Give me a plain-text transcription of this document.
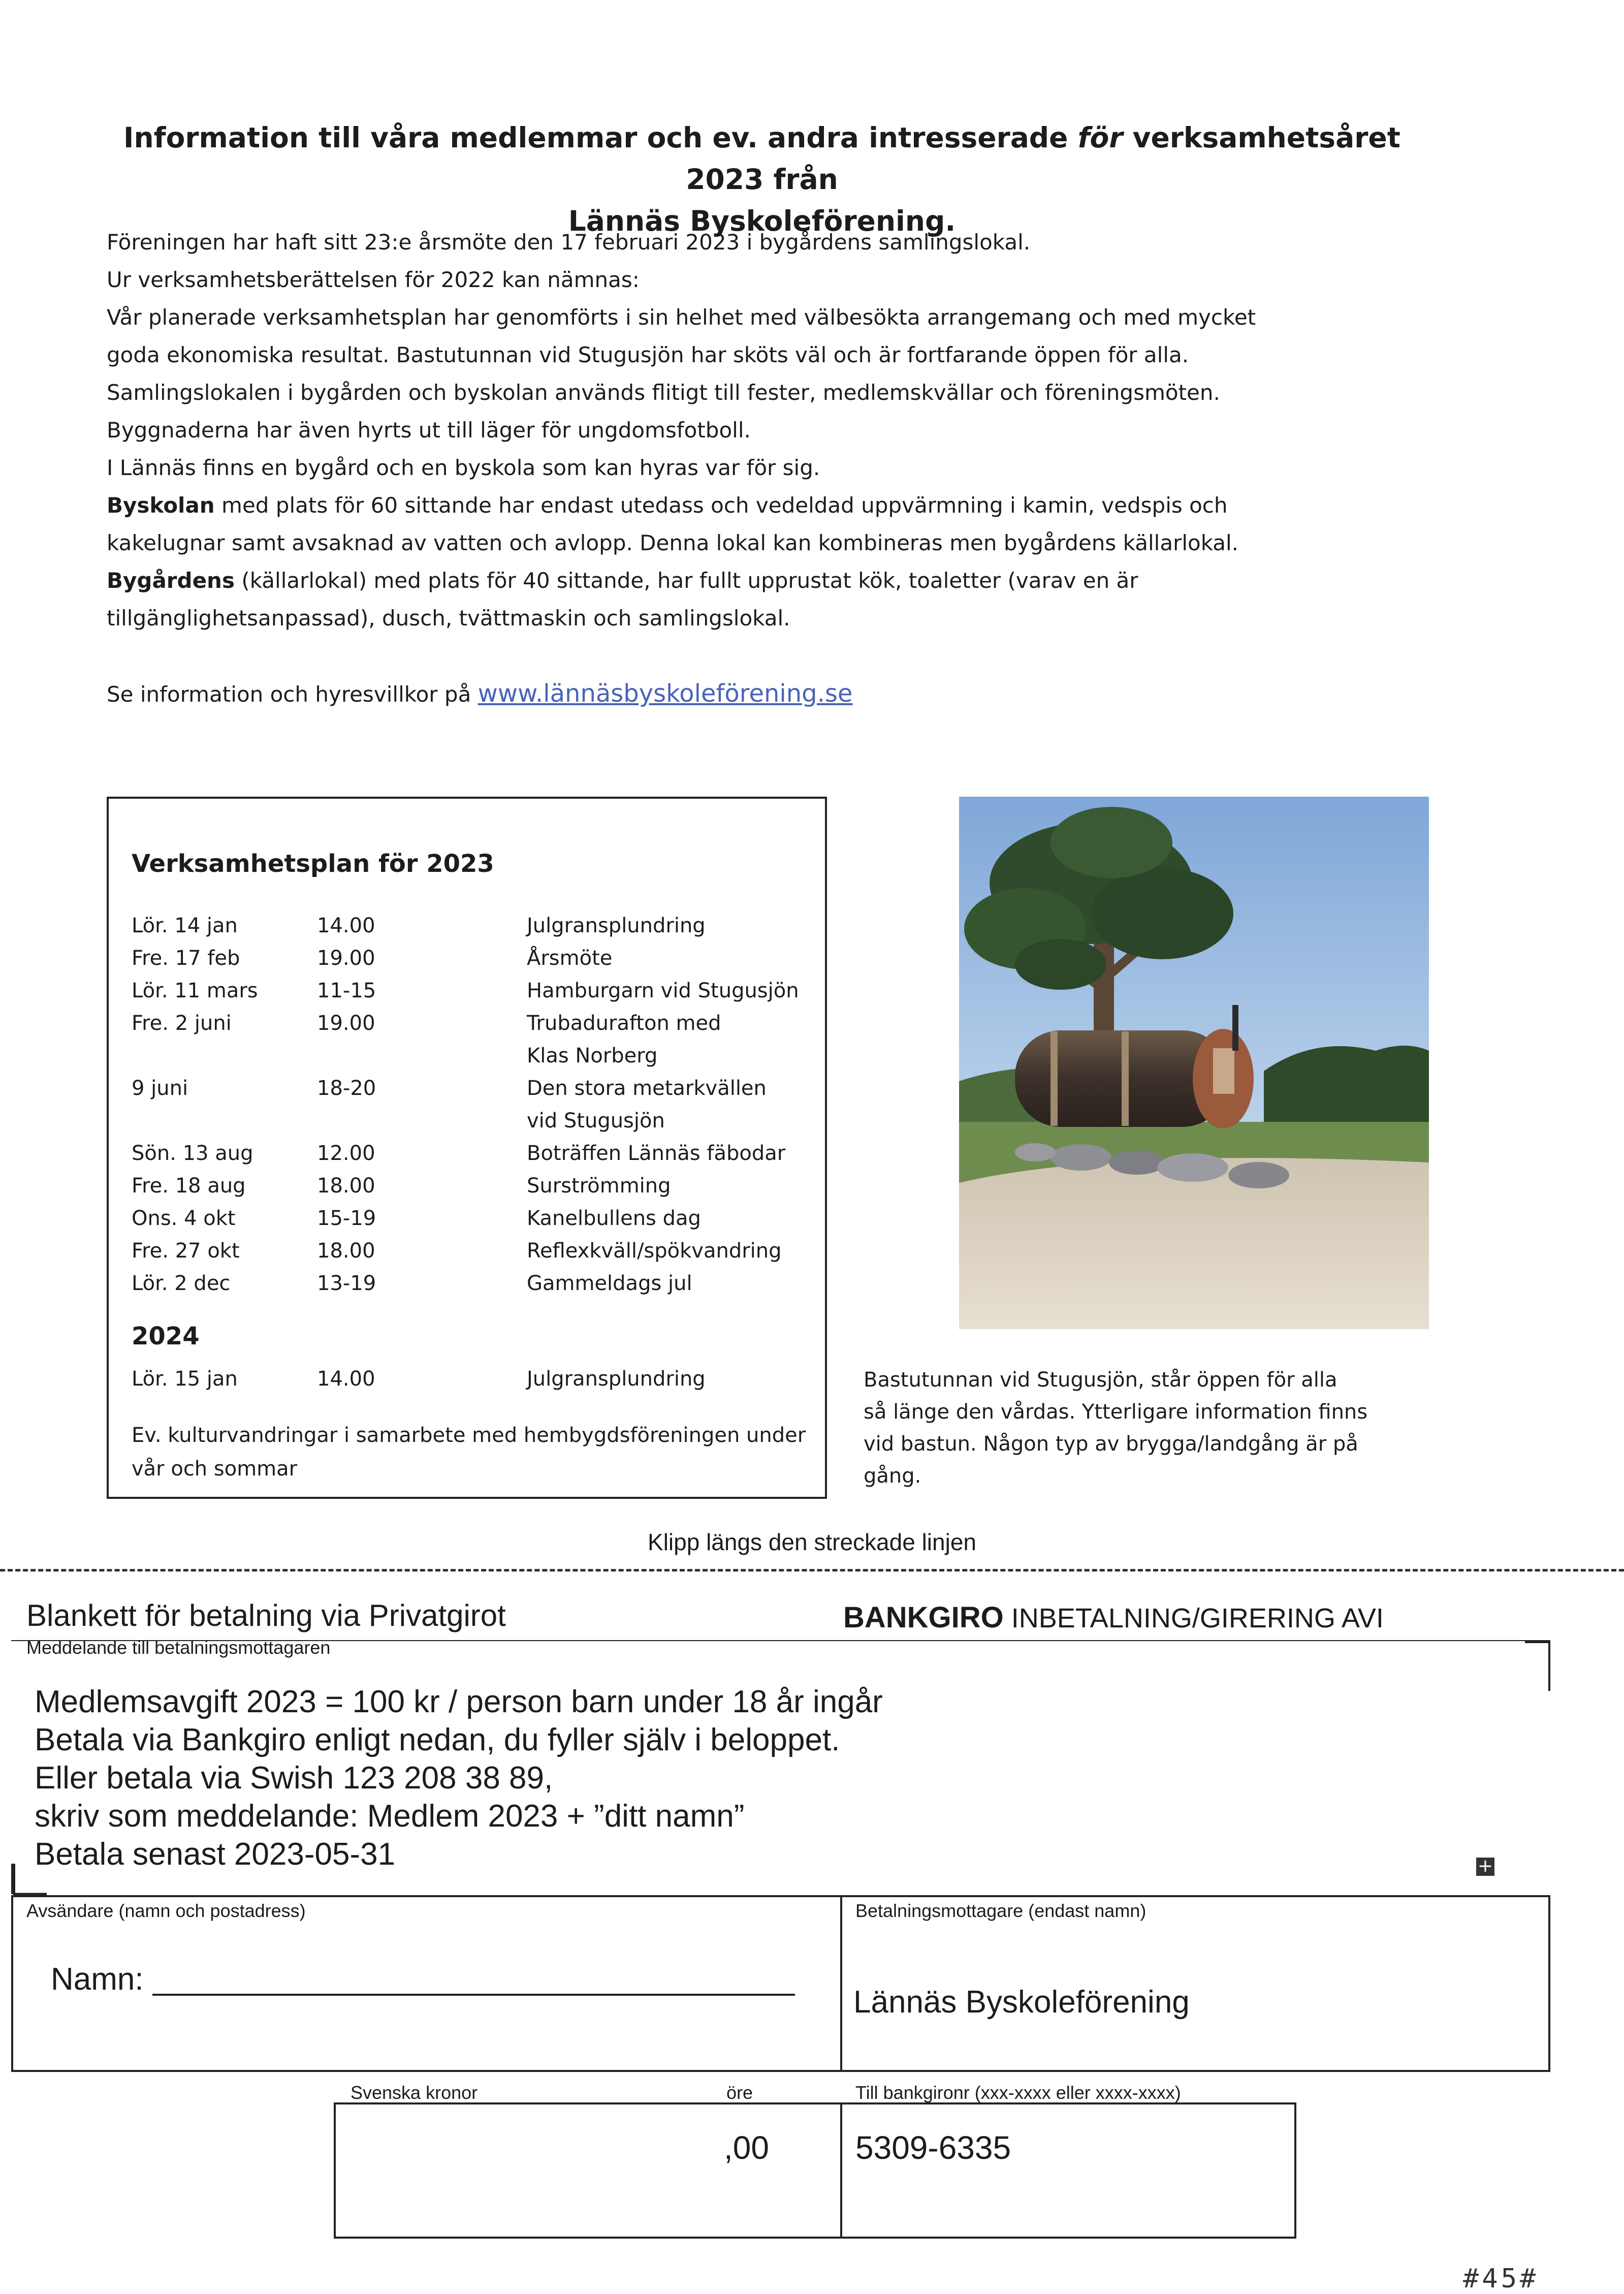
Information till våra medlemmar och ev. andra intresserade för verksamhetsåret 2023 från
Lännäs Byskoleförening.

Föreningen har haft sitt 23:e årsmöte den 17 februari 2023 i bygårdens samlingslokal.

Ur verksamhetsberättelsen för 2022 kan nämnas:

Vår planerade verksamhetsplan har genomförts i sin helhet med välbesökta arrangemang och med mycket

goda ekonomiska resultat. Bastutunnan vid Stugusjön har sköts väl och är fortfarande öppen för alla.

Samlingslokalen i bygården och byskolan används flitigt till fester, medlemskvällar och föreningsmöten.

Byggnaderna har även hyrts ut till läger för ungdomsfotboll.

I Lännäs finns en bygård och en byskola som kan hyras var för sig.

Byskolan med plats för 60 sittande har endast utedass och vedeldad uppvärmning i kamin, vedspis och

kakelugnar samt avsaknad av vatten och avlopp. Denna lokal kan kombineras men bygårdens källarlokal.

Bygårdens (källarlokal) med plats för 40 sittande, har fullt upprustat kök, toaletter (varav en är

tillgänglighetsanpassad), dusch, tvättmaskin och samlingslokal.

Se information och hyresvillkor på www.lännäsbyskoleförening.se

Verksamhetsplan för 2023
Lör. 14 jan	14.00	Julgransplundring
Fre. 17 feb	19.00	Årsmöte
Lör. 11 mars	11-15	Hamburgarn vid Stugusjön
Fre. 2 juni	19.00	Trubadurafton med
Klas Norberg
9 juni	18-20	Den stora metarkvällen
vid Stugusjön
Sön. 13 aug	12.00	Boträffen Lännäs fäbodar
Fre. 18 aug	18.00	Surströmming
Ons. 4 okt	15-19	Kanelbullens dag
Fre. 27 okt	18.00	Reflexkväll/spökvandring
Lör. 2 dec	13-19	Gammeldags jul
Lör. 15 jan	14.00	Julgransplundring
2024
Ev. kulturvandringar i samarbete med hembygdsföreningen under
vår och sommar
Bastutunnan vid Stugusjön, står öppen för alla
så länge den vårdas. Ytterligare information finns
vid bastun. Någon typ av brygga/landgång är på
gång.
Klipp längs den streckade linjen
Blankett för betalning via Privatgirot	BANKGIRO INBETALNING/GIRERING AVI
Meddelande till betalningsmottagaren
Medlemsavgift 2023 = 100 kr / person barn under 18 år ingår
Betala via Bankgiro enligt nedan, du fyller själv i beloppet.
Eller betala via Swish 123 208 38 89,
skriv som meddelande: Medlem 2023 + ”ditt namn”
Betala senast 2023-05-31	+
Avsändare (namn och postadress)
Namn:
Betalningsmottagare (endast namn)
Lännäs Byskoleförening
Svenska kronor	öre	Till bankgironr (xxx-xxxx eller xxxx-xxxx)
,00	5309-6335
#45#
